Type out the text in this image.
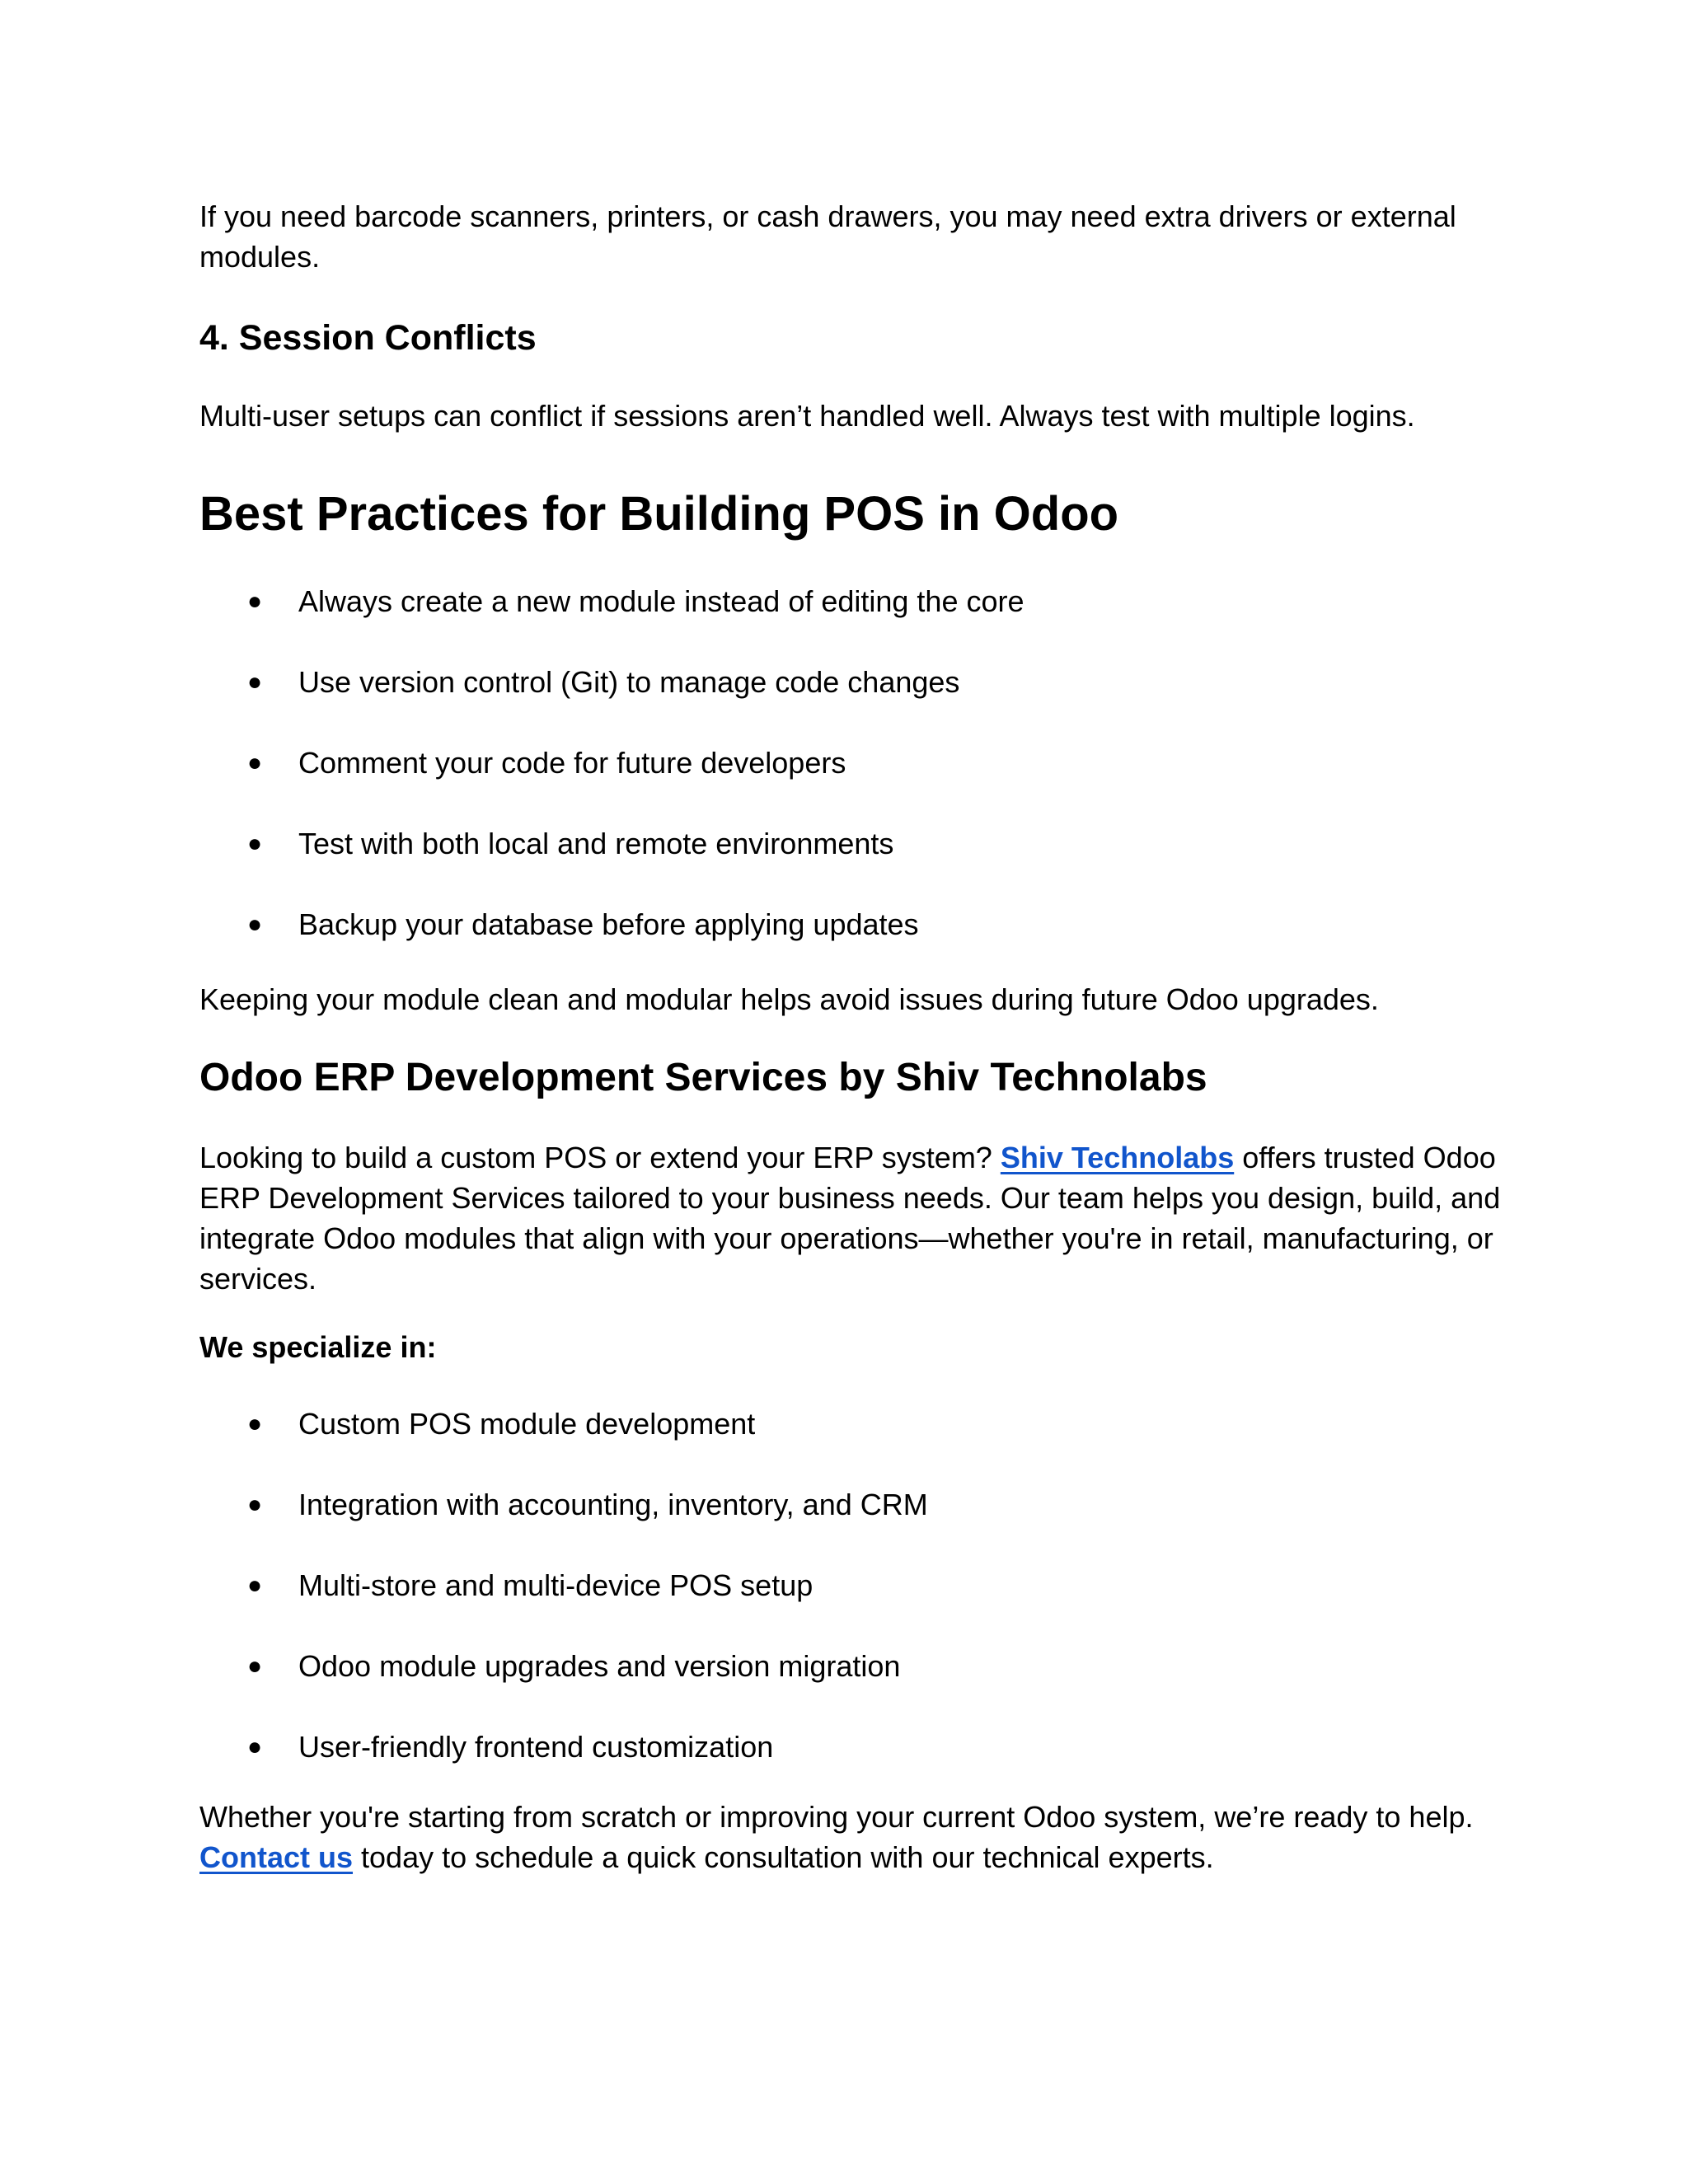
If you need barcode scanners, printers, or cash drawers, you may need extra drivers or external modules.

4. Session Conflicts

Multi-user setups can conflict if sessions aren’t handled well. Always test with multiple logins.

Best Practices for Building POS in Odoo
● Always create a new module instead of editing the core
● Use version control (Git) to manage code changes
● Comment your code for future developers
● Test with both local and remote environments
● Backup your database before applying updates

Keeping your module clean and modular helps avoid issues during future Odoo upgrades.

Odoo ERP Development Services by Shiv Technolabs

Looking to build a custom POS or extend your ERP system? Shiv Technolabs offers trusted Odoo ERP Development Services tailored to your business needs. Our team helps you design, build, and integrate Odoo modules that align with your operations—whether you're in retail, manufacturing, or services.

We specialize in:

● Custom POS module development
● Integration with accounting, inventory, and CRM
● Multi-store and multi-device POS setup
● Odoo module upgrades and version migration
● User-friendly frontend customization

Whether you're starting from scratch or improving your current Odoo system, we’re ready to help. Contact us today to schedule a quick consultation with our technical experts.
